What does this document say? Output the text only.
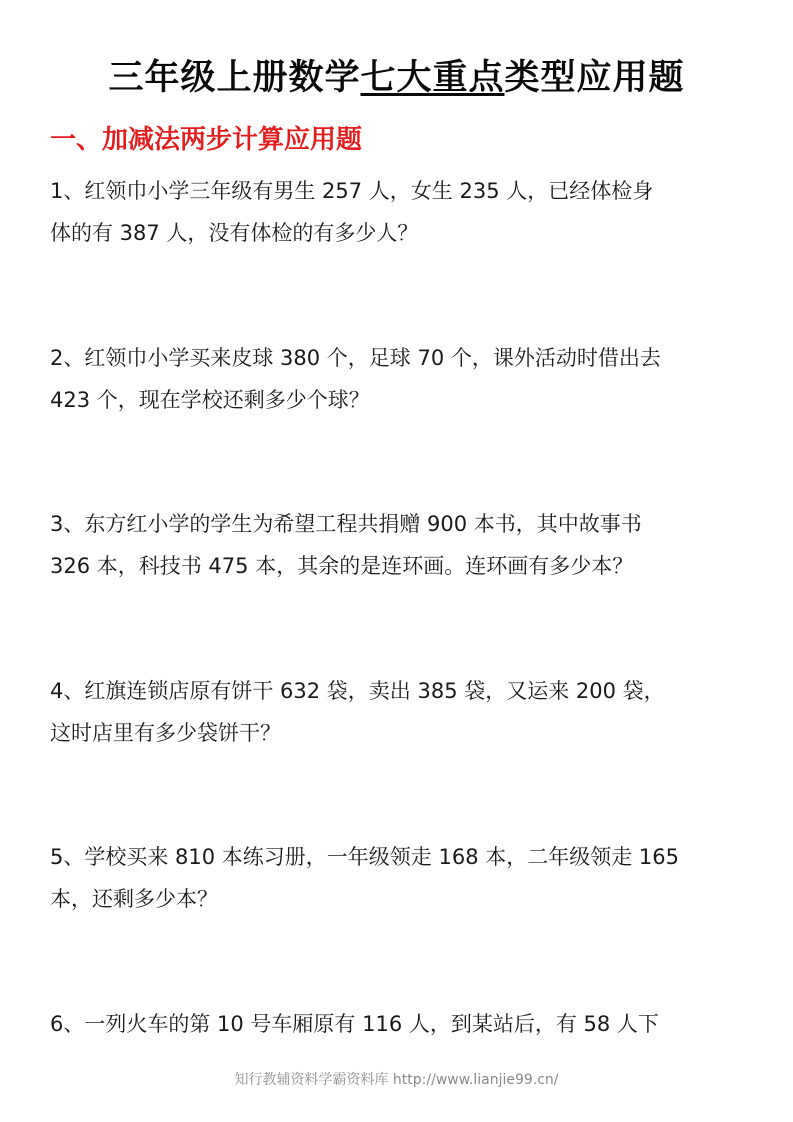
三年级上册数学七大重点类型应用题
一、加减法两步计算应用题
1、红领巾小学三年级有男生 257 人，女生 235 人，已经体检身
体的有 387 人，没有体检的有多少人？
2、红领巾小学买来皮球 380 个，足球 70 个，课外活动时借出去
423 个，现在学校还剩多少个球？
3、东方红小学的学生为希望工程共捐赠 900 本书，其中故事书
326 本，科技书 475 本，其余的是连环画。连环画有多少本？
4、红旗连锁店原有饼干 632 袋，卖出 385 袋，又运来 200 袋，
这时店里有多少袋饼干？
5、学校买来 810 本练习册，一年级领走 168 本，二年级领走 165
本，还剩多少本？
6、一列火车的第 10 号车厢原有 116 人，到某站后，有 58 人下
知行教辅资料学霸资料库 http://www.lianjie99.cn/
